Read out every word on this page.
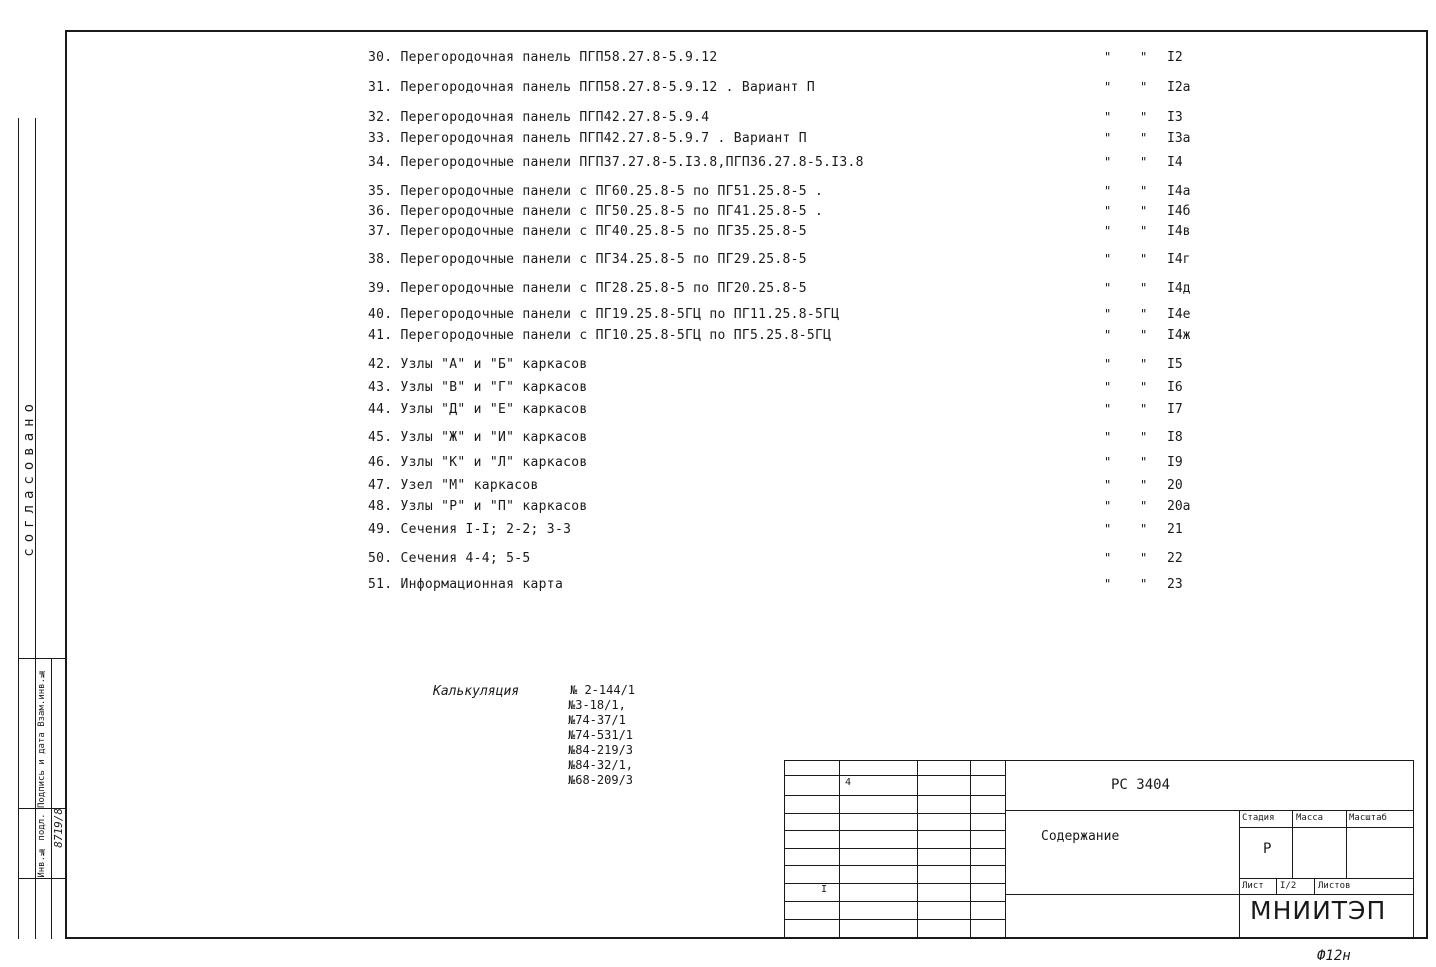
30. Перегородочная панель ПГП58.27.8-5.9.12	" " I2
31. Перегородочная панель ПГП58.27.8-5.9.12 . Вариант П	" " I2а
32. Перегородочная панель ПГП42.27.8-5.9.4	" " I3
33. Перегородочная панель ПГП42.27.8-5.9.7 . Вариант П	" " I3а
34. Перегородочные панели ПГП37.27.8-5.I3.8,ПГП36.27.8-5.I3.8	" " I4
35. Перегородочные панели с ПГ60.25.8-5 по ПГ51.25.8-5 .	" " I4а
36. Перегородочные панели с ПГ50.25.8-5 по ПГ41.25.8-5 .	" " I4б
37. Перегородочные панели с ПГ40.25.8-5 по ПГ35.25.8-5	" " I4в
38. Перегородочные панели с ПГ34.25.8-5 по ПГ29.25.8-5	" " I4г
39. Перегородочные панели с ПГ28.25.8-5 по ПГ20.25.8-5	" " I4д
40. Перегородочные панели с ПГ19.25.8-5ГЦ по ПГ11.25.8-5ГЦ	" " I4е
41. Перегородочные панели с ПГ10.25.8-5ГЦ по ПГ5.25.8-5ГЦ	" " I4ж
42. Узлы "А" и "Б" каркасов	" " I5
43. Узлы "В" и "Г" каркасов	" " I6
44. Узлы "Д" и "Е" каркасов	" " I7
45. Узлы "Ж" и "И" каркасов	" " I8
46. Узлы "К" и "Л" каркасов	" " I9
47. Узел "М" каркасов	" " 20
48. Узлы "Р" и "П" каркасов	" " 20а
49. Сечения I-I; 2-2; 3-3	" " 21
50. Сечения 4-4; 5-5	" " 22
51. Информационная карта	" " 23
Калькуляция	№ 2-144/1
№3-18/1,
№74-37/1
№74-531/1
№84-219/3
№84-32/1,
№68-209/3
согласовано
Инв.№ подл. Подпись и дата Взам.инв.№ 8719/8
4
I
РС 3404
Содержание
Стадия Масса	Масштаб
Р
Лист I/2 Листов
МНИИТЭП
Ф12н
